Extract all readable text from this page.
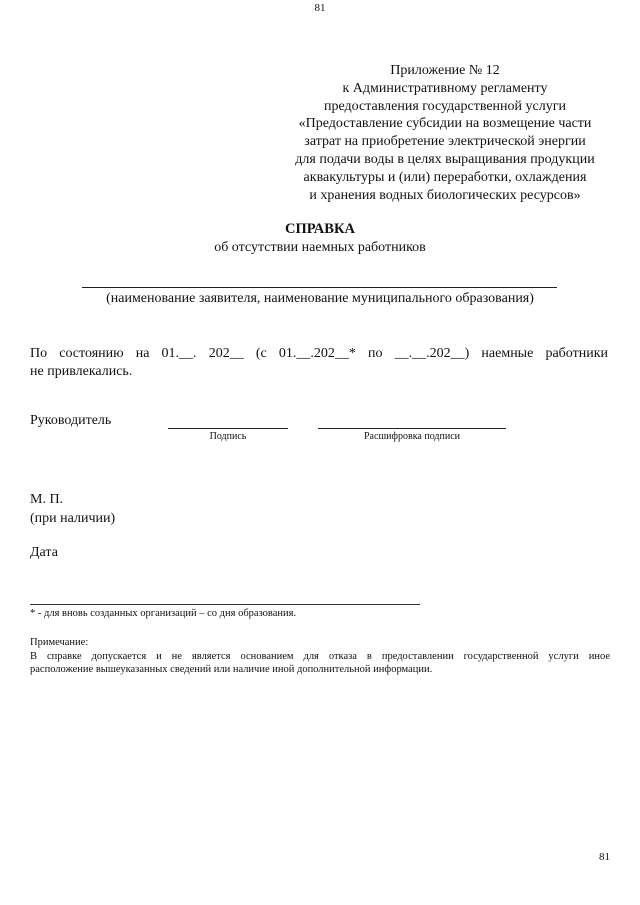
81
Приложение № 12
к Административному регламенту
предоставления государственной услуги
«Предоставление субсидии на возмещение части
затрат на приобретение электрической энергии
для подачи воды в целях выращивания продукции
аквакультуры и (или) переработки, охлаждения
и хранения водных биологических ресурсов»
СПРАВКА
об отсутствии наемных работников
(наименование заявителя, наименование муниципального образования)
По состоянию на 01.__. 202__ (с 01.__.202__* по __.__.202__) наемные работники
не привлекались.
Руководитель
Подпись	Расшифровка подписи
М. П.
(при наличии)
Дата
* - для вновь созданных организаций – со дня образования.
Примечание:
В справке допускается и не является основанием для отказа в предоставлении государственной услуги иное
расположение вышеуказанных сведений или наличие иной дополнительной информации.
81
